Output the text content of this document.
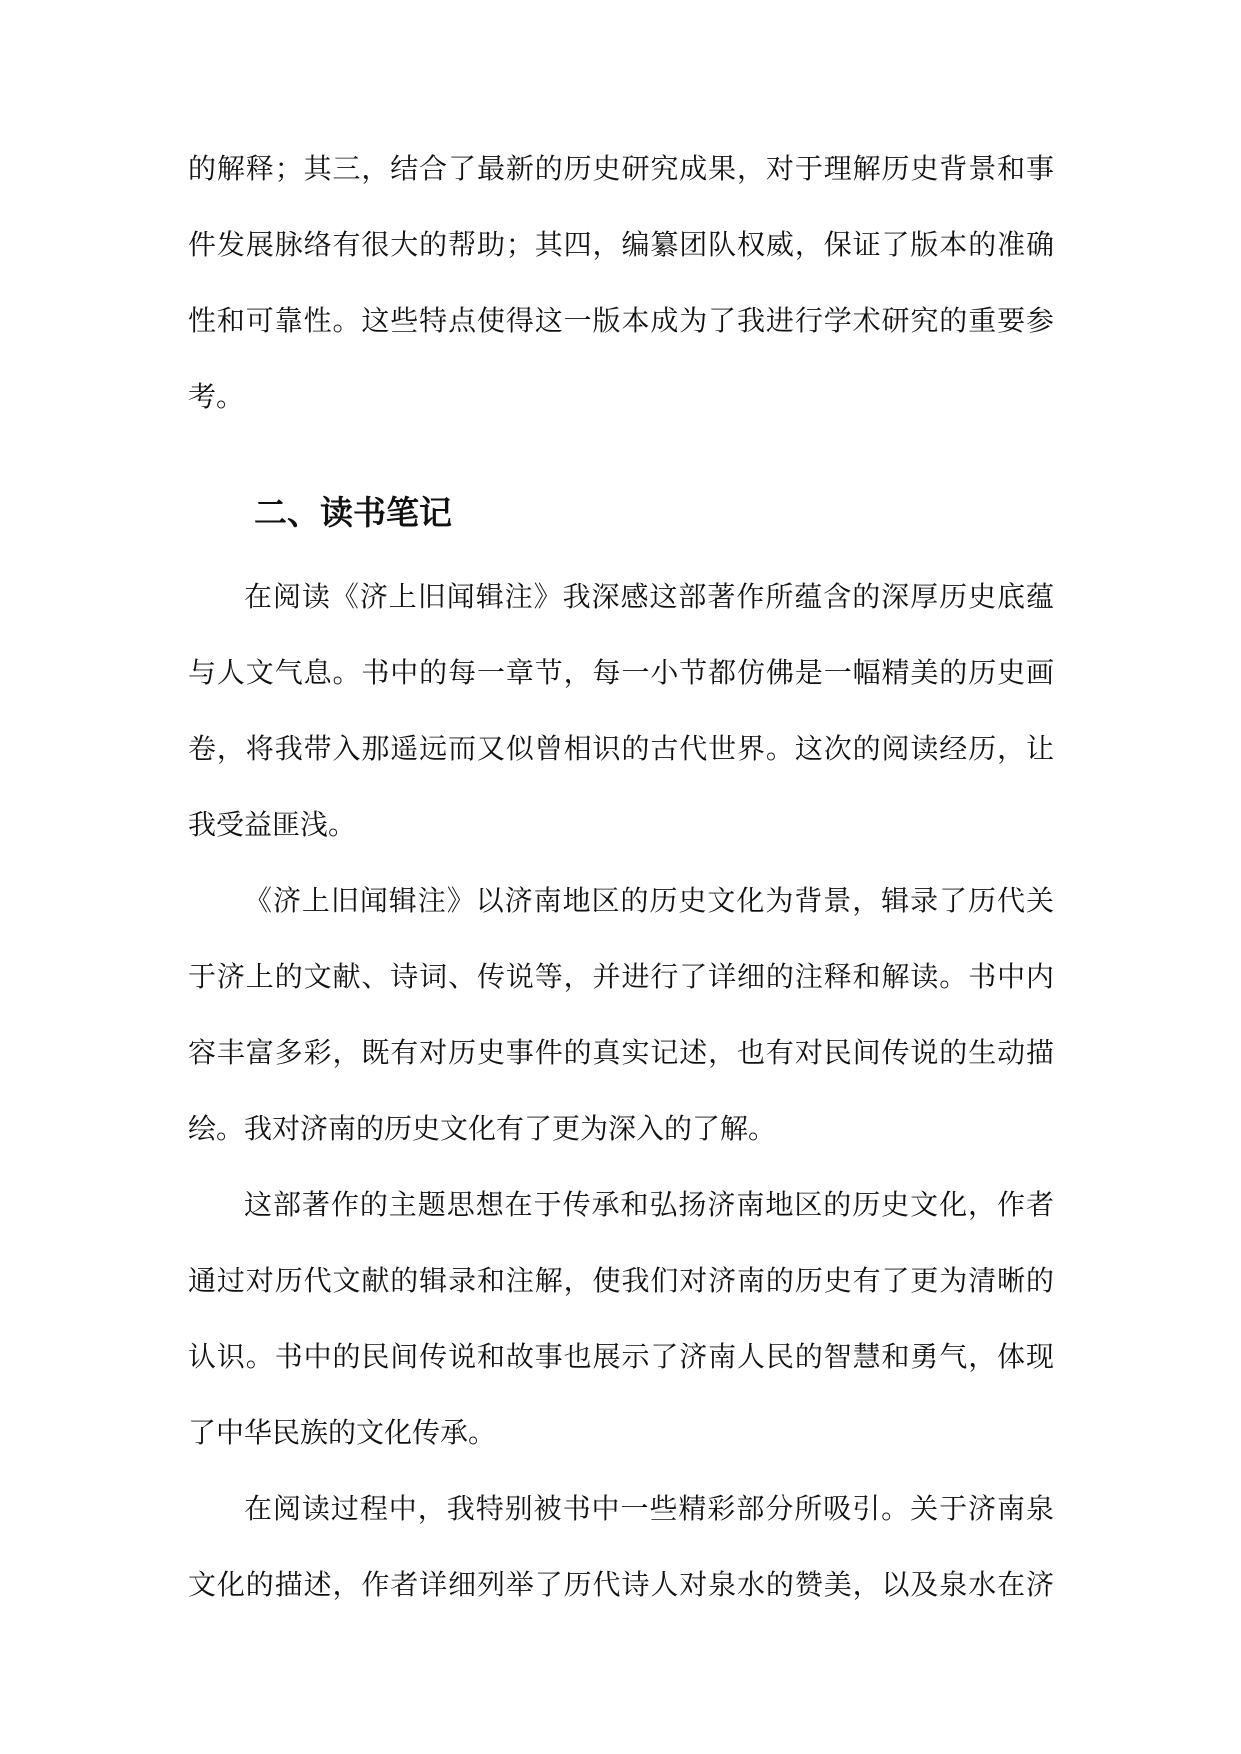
的解释；其三，结合了最新的历史研究成果，对于理解历史背景和事
件发展脉络有很大的帮助；其四，编纂团队权威，保证了版本的准确
性和可靠性。这些特点使得这一版本成为了我进行学术研究的重要参
考。
二、读书笔记
在阅读《济上旧闻辑注》我深感这部著作所蕴含的深厚历史底蕴
与人文气息。书中的每一章节，每一小节都仿佛是一幅精美的历史画
卷，将我带入那遥远而又似曾相识的古代世界。这次的阅读经历，让
我受益匪浅。
《济上旧闻辑注》以济南地区的历史文化为背景，辑录了历代关
于济上的文献、诗词、传说等，并进行了详细的注释和解读。书中内
容丰富多彩，既有对历史事件的真实记述，也有对民间传说的生动描
绘。我对济南的历史文化有了更为深入的了解。
这部著作的主题思想在于传承和弘扬济南地区的历史文化，作者
通过对历代文献的辑录和注解，使我们对济南的历史有了更为清晰的
认识。书中的民间传说和故事也展示了济南人民的智慧和勇气，体现
了中华民族的文化传承。
在阅读过程中，我特别被书中一些精彩部分所吸引。关于济南泉
文化的描述，作者详细列举了历代诗人对泉水的赞美，以及泉水在济
